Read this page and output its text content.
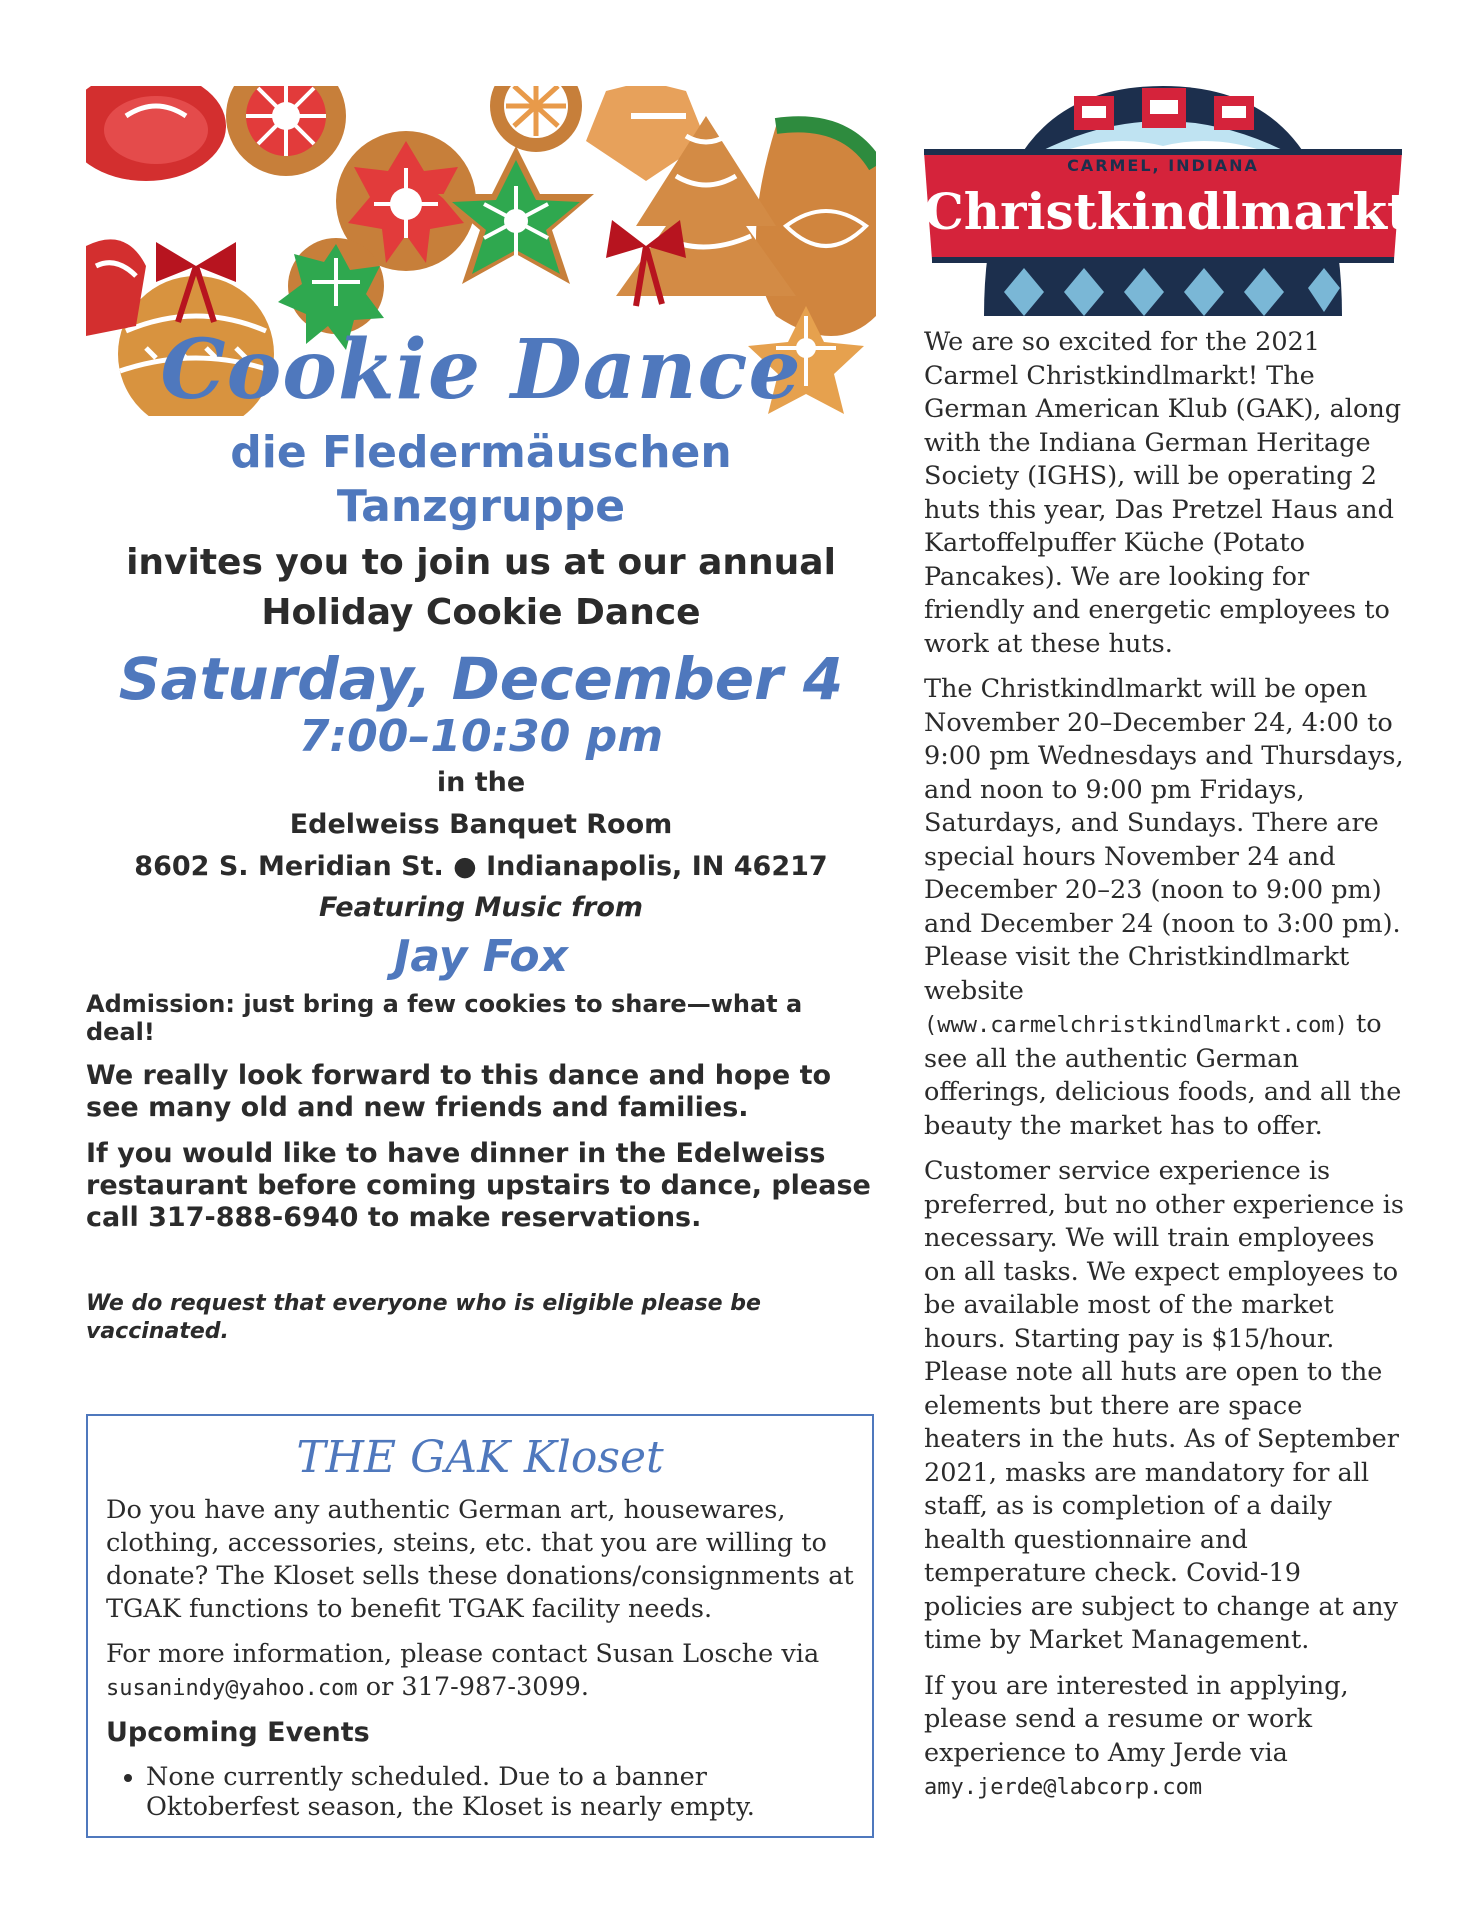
Cookie Dance
die Fledermäuschen
Tanzgruppe
invites you to join us at our annual
Holiday Cookie Dance
Saturday, December 4
7:00–10:30 pm
in the
Edelweiss Banquet Room
8602 S. Meridian St. ● Indianapolis, IN 46217
Featuring Music from
Jay Fox
Admission: just bring a few cookies to share—what a deal!
We really look forward to this dance and hope to see many old and new friends and families.
If you would like to have dinner in the Edelweiss restaurant before coming upstairs to dance, please call 317-888-6940 to make reservations.
We do request that everyone who is eligible please be vaccinated.
THE GAK Kloset

Do you have any authentic German art, housewares, clothing, accessories, steins, etc. that you are willing to donate? The Kloset sells these donations/consignments at TGAK functions to benefit TGAK facility needs.

For more information, please contact Susan Losche via susanindy@yahoo.com or 317-987-3099.

Upcoming Events
• None currently scheduled. Due to a banner Oktoberfest season, the Kloset is nearly empty.
CARMEL, INDIANA
Christkindlmarkt

We are so excited for the 2021 Carmel Christkindlmarkt! The German American Klub (GAK), along with the Indiana German Heritage Society (IGHS), will be operating 2 huts this year, Das Pretzel Haus and Kartoffelpuffer Küche (Potato Pancakes). We are looking for friendly and energetic employees to work at these huts.

The Christkindlmarkt will be open November 20–December 24, 4:00 to 9:00 pm Wednesdays and Thursdays, and noon to 9:00 pm Fridays, Saturdays, and Sundays. There are special hours November 24 and December 20–23 (noon to 9:00 pm) and December 24 (noon to 3:00 pm). Please visit the Christkindlmarkt website (www.carmelchristkindlmarkt.com) to see all the authentic German offerings, delicious foods, and all the beauty the market has to offer.

Customer service experience is preferred, but no other experience is necessary. We will train employees on all tasks. We expect employees to be available most of the market hours. Starting pay is $15/hour. Please note all huts are open to the elements but there are space heaters in the huts. As of September 2021, masks are mandatory for all staff, as is completion of a daily health questionnaire and temperature check. Covid-19 policies are subject to change at any time by Market Management.

If you are interested in applying, please send a resume or work experience to Amy Jerde via amy.jerde@labcorp.com
